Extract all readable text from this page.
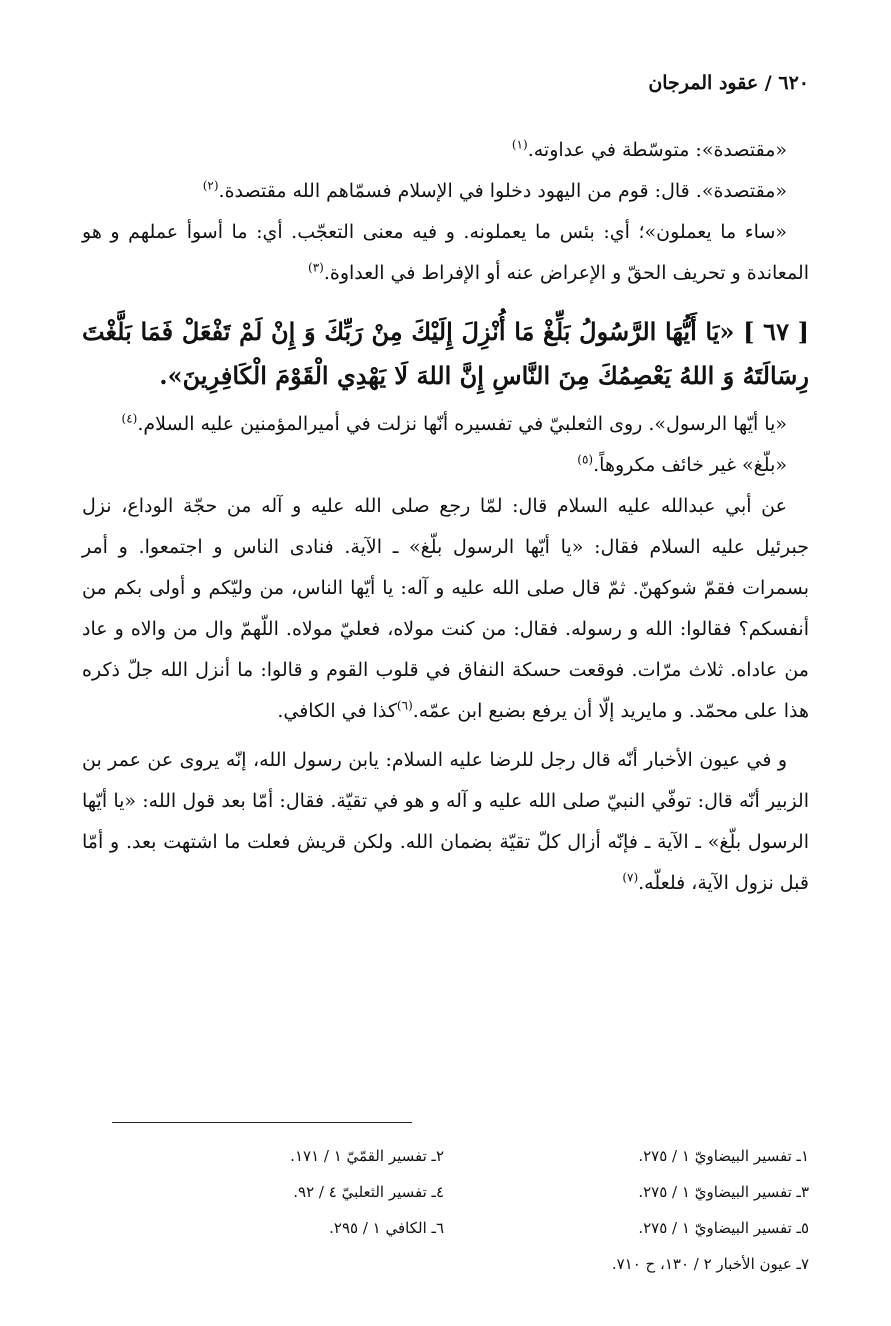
٦٢٠ / عقود المرجان

«مقتصدة»: متوسّطة في عداوته.$^{(١)}$

«مقتصدة». قال: قوم من اليهود دخلوا في الإسلام فسمّاهم الله مقتصدة.$^{(٢)}$

«ساء ما يعملون»؛ أي: بئس ما يعملونه. و فيه معنى التعجّب. أي: ما أسوأ عملهم و هو المعاندة و تحريف الحقّ و الإعراض عنه أو الإفراط في العداوة.$^{(٣)}$

[ ٦٧ ] «يَا أَيُّهَا الرَّسُولُ بَلِّغْ مَا أُنْزِلَ إِلَيْكَ مِنْ رَبِّكَ وَ إِنْ لَمْ تَفْعَلْ فَمَا بَلَّغْتَ رِسَالَتَهُ وَ اللهُ يَعْصِمُكَ مِنَ النَّاسِ إِنَّ اللهَ لَا يَهْدِي الْقَوْمَ الْكَافِرِينَ».

«يا أيّها الرسول». روى الثعلبيّ في تفسيره أنّها نزلت في أميرالمؤمنين عليه السلام.$^{(٤)}$

«بلّغ» غير خائف مكروهاً.$^{(٥)}$

عن أبي عبدالله عليه السلام قال: لمّا رجع صلى الله عليه و آله من حجّة الوداع، نزل جبرئيل عليه السلام فقال: «يا أيّها الرسول بلّغ» ـ الآية. فنادى الناس و اجتمعوا. و أمر بسمرات فقمّ شوكهنّ. ثمّ قال صلى الله عليه و آله: يا أيّها الناس، من وليّكم و أولى بكم من أنفسكم؟ فقالوا: الله و رسوله. فقال: من كنت مولاه، فعليّ مولاه. اللّهمّ وال من والاه و عاد من عاداه. ثلاث مرّات. فوقعت حسكة النفاق في قلوب القوم و قالوا: ما أنزل الله جلّ ذكره هذا على محمّد. و مايريد إلّا أن يرفع بضبع ابن عمّه.$^{(٦)}$كذا في الكافي.

و في عيون الأخبار أنّه قال رجل للرضا عليه السلام: يابن رسول الله، إنّه يروى عن عمر بن الزبير أنّه قال: توفّي النبيّ صلى الله عليه و آله و هو في تقيّة. فقال: أمّا بعد قول الله: «يا أيّها الرسول بلّغ» ـ الآية ـ فإنّه أزال كلّ تقيّة بضمان الله. ولكن قريش فعلت ما اشتهت بعد. و أمّا قبل نزول الآية، فلعلّه.$^{(٧)}$

١ـ تفسير البيضاويّ ١ / ٢٧٥.
٢ـ تفسير القمّيّ ١ / ١٧١.
٣ـ تفسير البيضاويّ ١ / ٢٧٥.
٤ـ تفسير الثعلبيّ ٤ / ٩٢.
٥ـ تفسير البيضاويّ ١ / ٢٧٥.
٦ـ الكافي ١ / ٢٩٥.
٧ـ عيون الأخبار ٢ / ١٣٠، ح ٧١٠.
